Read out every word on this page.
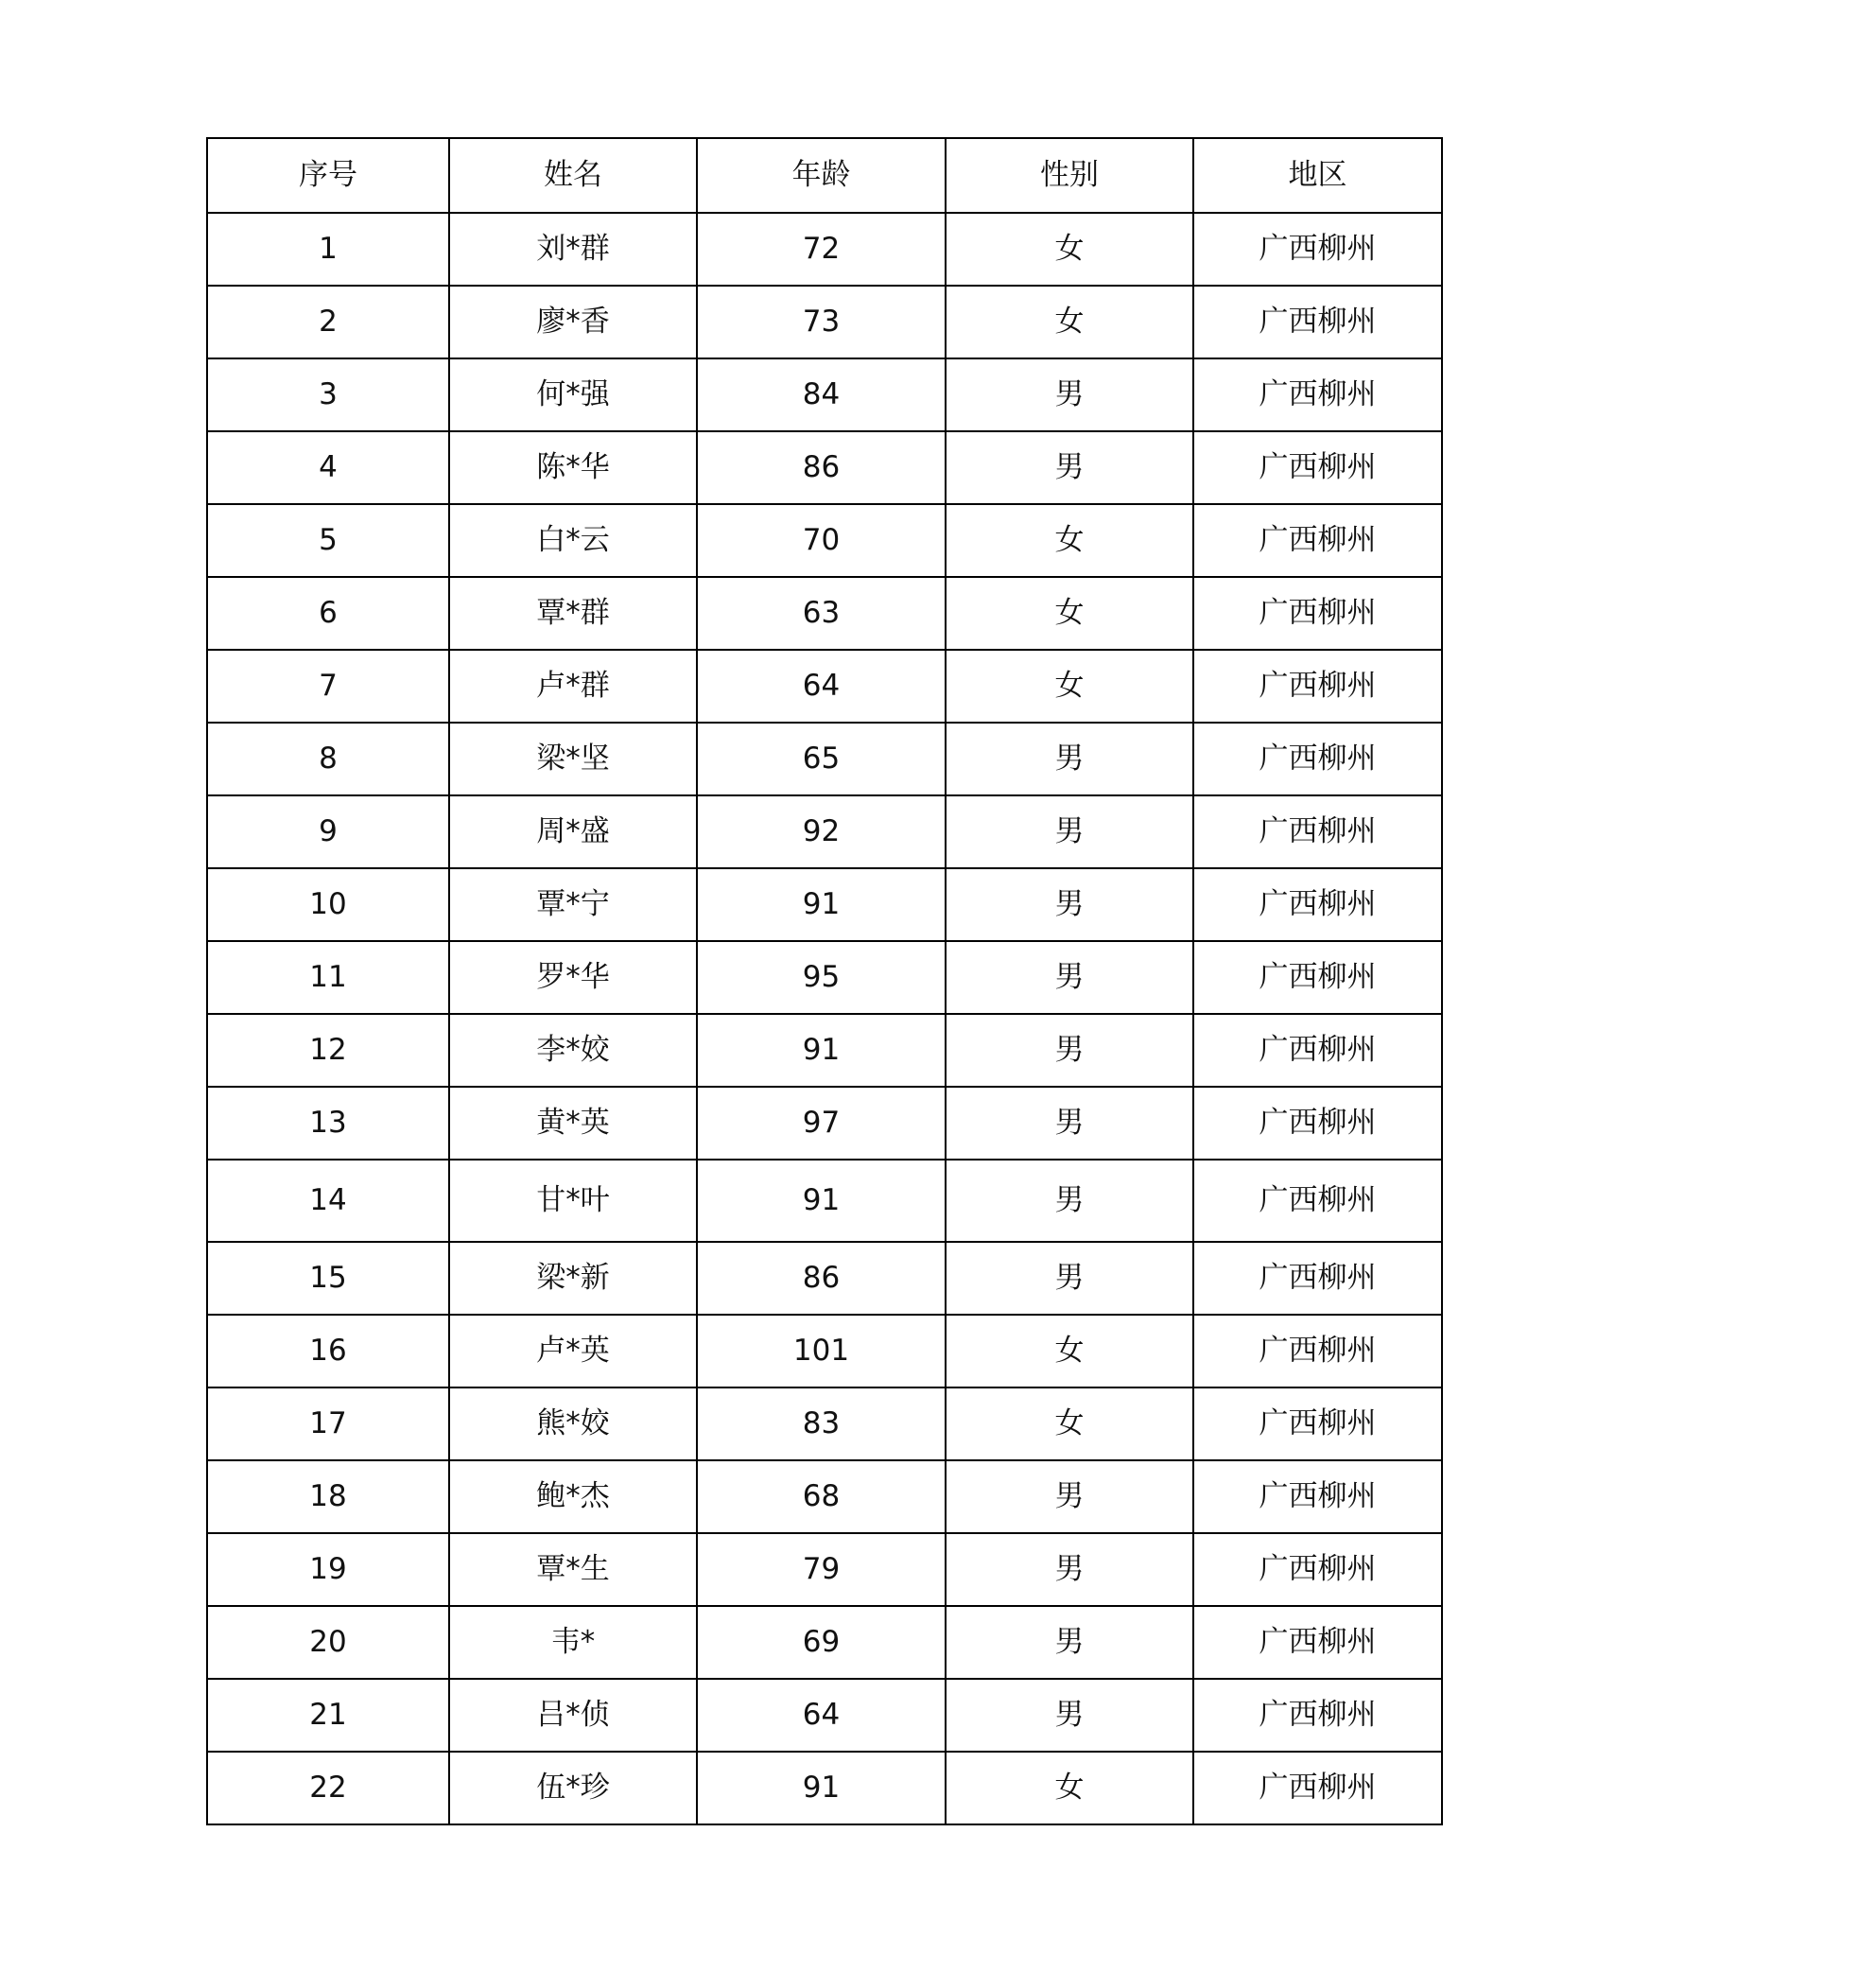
序号	姓名	年龄	性别	地区
1	刘*群	72	女	广西柳州
2	廖*香	73	女	广西柳州
3	何*强	84	男	广西柳州
4	陈*华	86	男	广西柳州
5	白*云	70	女	广西柳州
6	覃*群	63	女	广西柳州
7	卢*群	64	女	广西柳州
8	梁*坚	65	男	广西柳州
9	周*盛	92	男	广西柳州
10	覃*宁	91	男	广西柳州
11	罗*华	95	男	广西柳州
12	李*姣	91	男	广西柳州
13	黄*英	97	男	广西柳州
14	甘*叶	91	男	广西柳州
15	梁*新	86	男	广西柳州
16	卢*英	101	女	广西柳州
17	熊*姣	83	女	广西柳州
18	鲍*杰	68	男	广西柳州
19	覃*生	79	男	广西柳州
20	韦*	69	男	广西柳州
21	吕*侦	64	男	广西柳州
22	伍*珍	91	女	广西柳州
